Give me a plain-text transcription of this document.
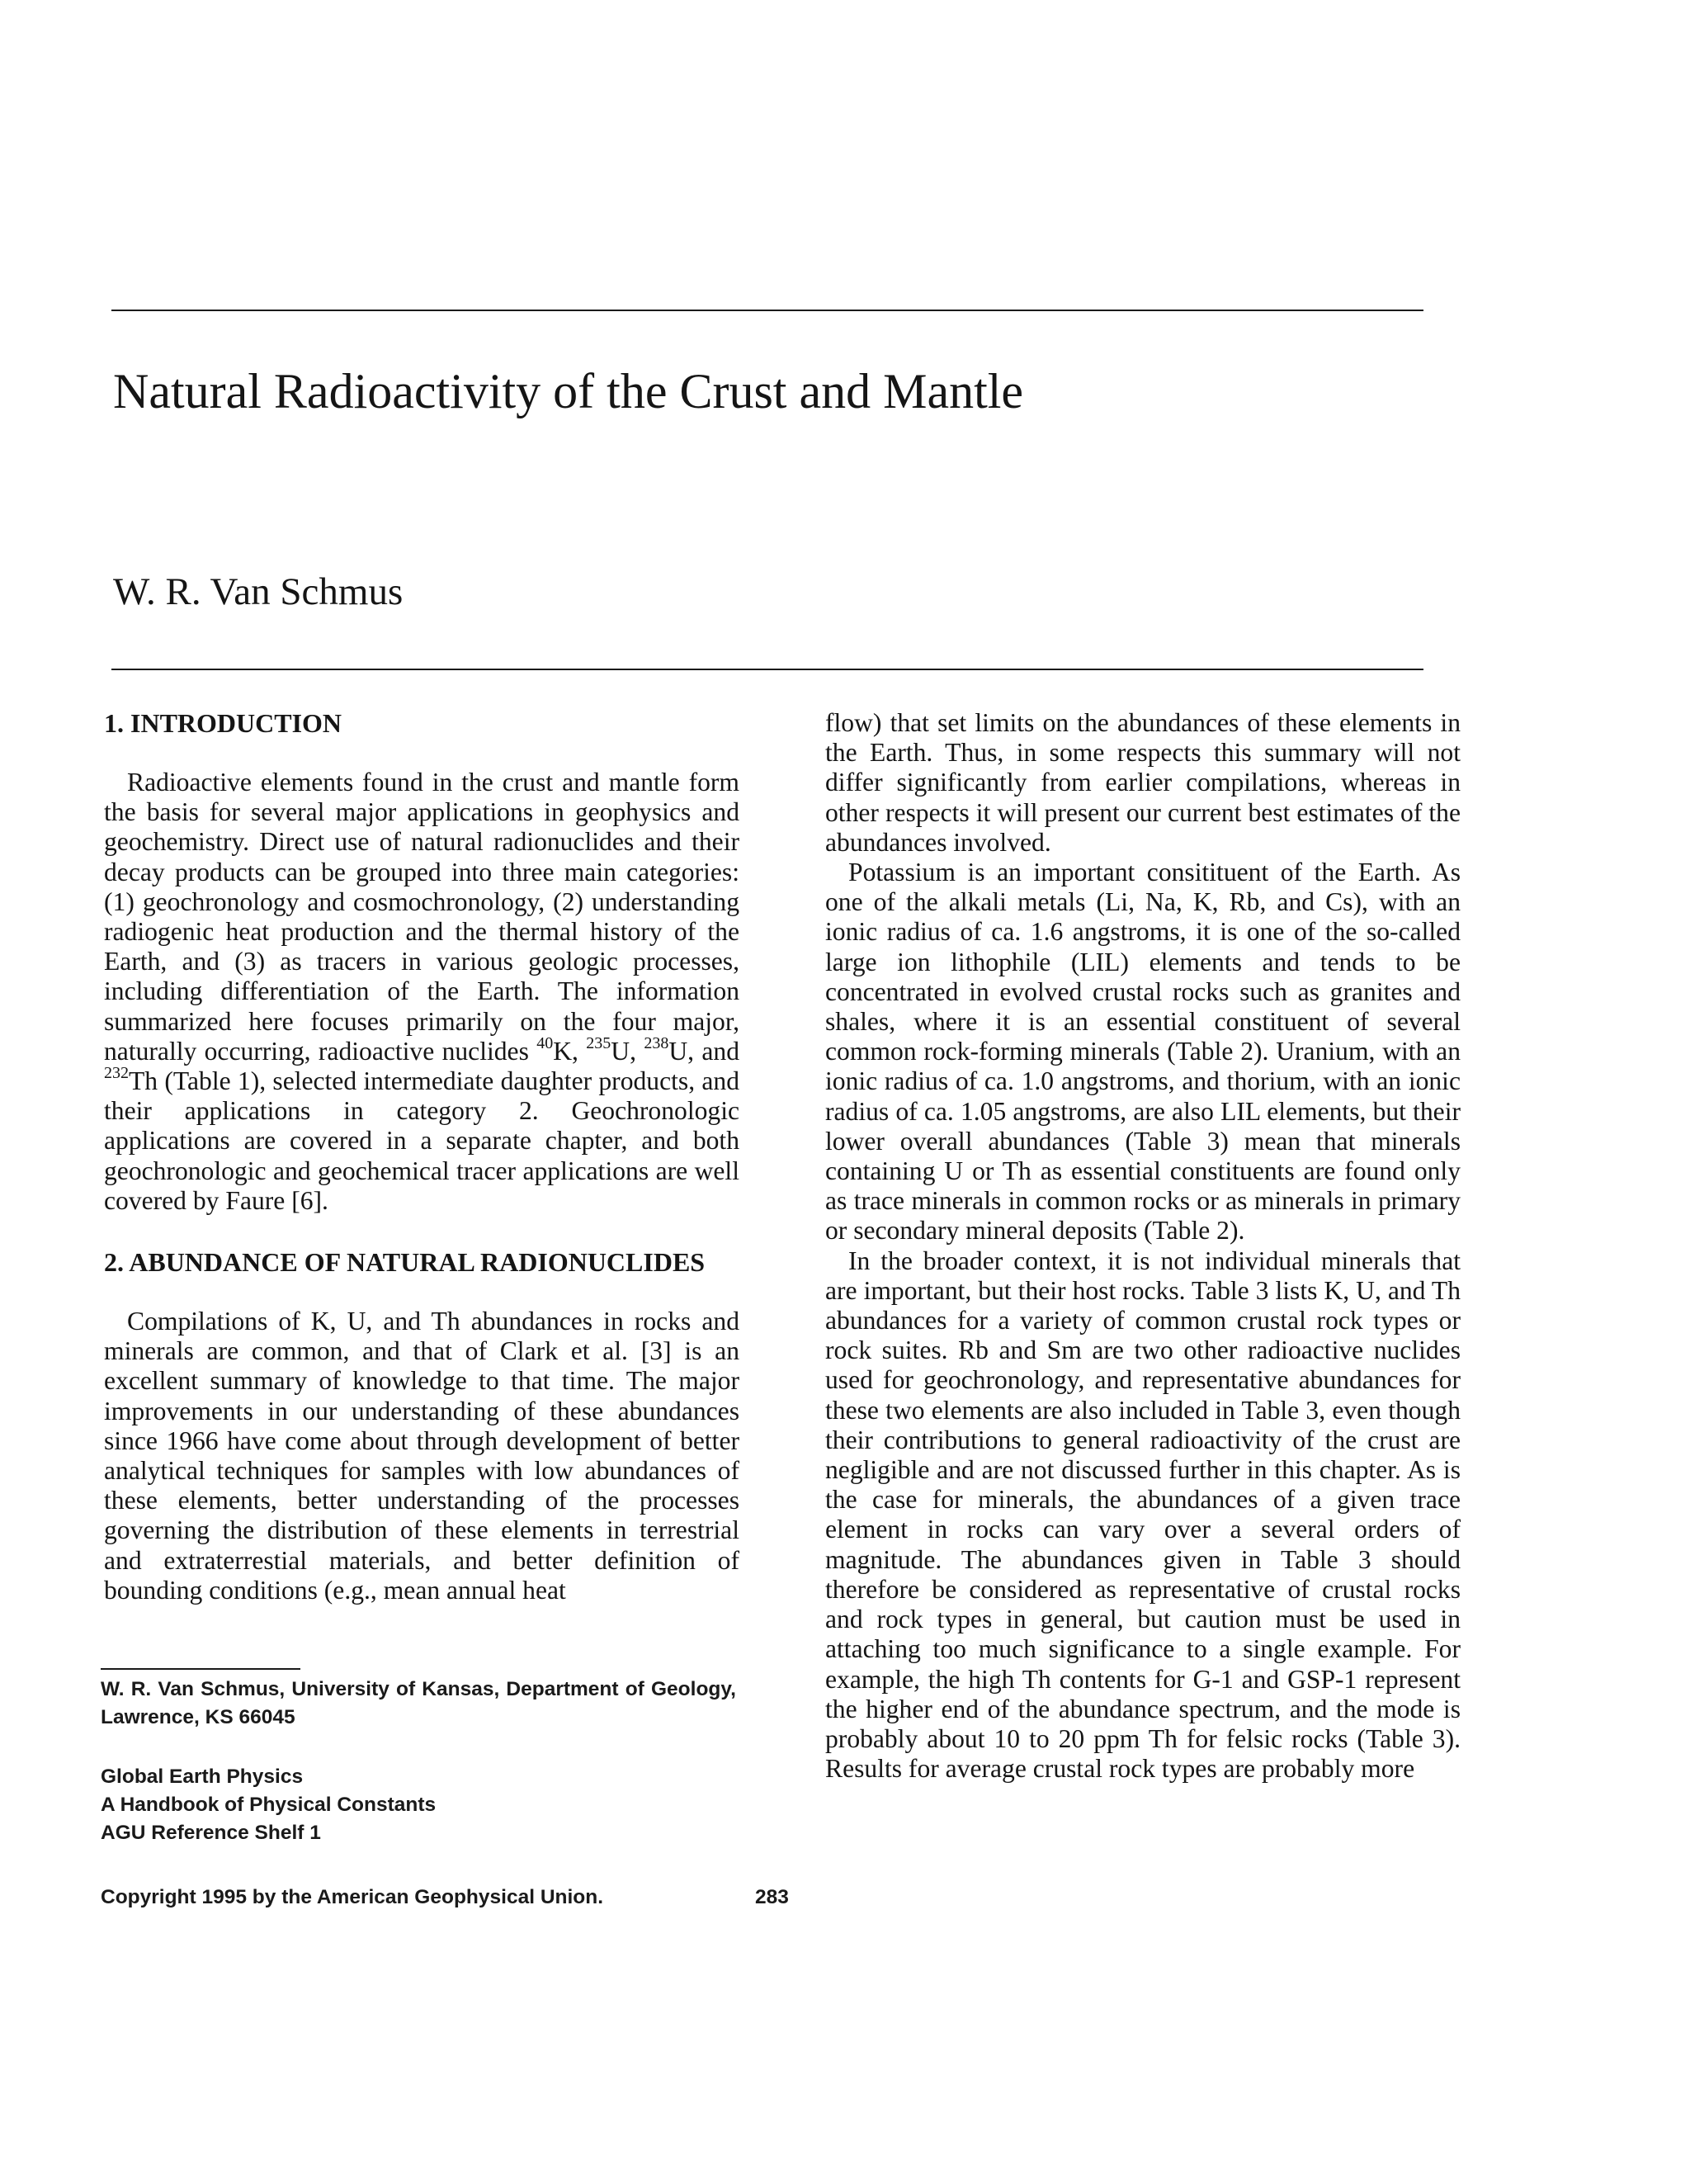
Natural Radioactivity of the Crust and Mantle

W. R. Van Schmus

1. INTRODUCTION

Radioactive elements found in the crust and mantle form the basis for several major applications in geophysics and geochemistry. Direct use of natural radionuclides and their decay products can be grouped into three main categories: (1) geochronology and cosmochronology, (2) understanding radiogenic heat production and the thermal history of the Earth, and (3) as tracers in various geologic processes, including differentiation of the Earth. The information summarized here focuses primarily on the four major, naturally occurring, radioactive nuclides $^{40}$K, $^{235}$U, $^{238}$U, and $^{232}$Th (Table 1), selected intermediate daughter products, and their applications in category 2. Geochronologic applications are covered in a separate chapter, and both geochronologic and geochemical tracer applications are well covered by Faure [6].

2. ABUNDANCE OF NATURAL RADIONUCLIDES

Compilations of K, U, and Th abundances in rocks and minerals are common, and that of Clark et al. [3] is an excellent summary of knowledge to that time. The major improvements in our understanding of these abundances since 1966 have come about through development of better analytical techniques for samples with low abundances of these elements, better understanding of the processes governing the distribution of these elements in terrestrial and extraterrestial materials, and better definition of bounding conditions (e.g., mean annual heat

flow) that set limits on the abundances of these elements in the Earth. Thus, in some respects this summary will not differ significantly from earlier compilations, whereas in other respects it will present our current best estimates of the abundances involved.

Potassium is an important consitituent of the Earth. As one of the alkali metals (Li, Na, K, Rb, and Cs), with an ionic radius of ca. 1.6 angstroms, it is one of the so-called large ion lithophile (LIL) elements and tends to be concentrated in evolved crustal rocks such as granites and shales, where it is an essential constituent of several common rock-forming minerals (Table 2). Uranium, with an ionic radius of ca. 1.0 angstroms, and thorium, with an ionic radius of ca. 1.05 angstroms, are also LIL elements, but their lower overall abundances (Table 3) mean that minerals containing U or Th as essential constituents are found only as trace minerals in common rocks or as minerals in primary or secondary mineral deposits (Table 2).

In the broader context, it is not individual minerals that are important, but their host rocks. Table 3 lists K, U, and Th abundances for a variety of common crustal rock types or rock suites. Rb and Sm are two other radioactive nuclides used for geochronology, and representative abundances for these two elements are also included in Table 3, even though their contributions to general radioactivity of the crust are negligible and are not discussed further in this chapter. As is the case for minerals, the abundances of a given trace element in rocks can vary over a several orders of magnitude. The abundances given in Table 3 should therefore be considered as representative of crustal rocks and rock types in general, but caution must be used in attaching too much significance to a single example. For example, the high Th contents for G-1 and GSP-1 represent the higher end of the abundance spectrum, and the mode is probably about 10 to 20 ppm Th for felsic rocks (Table 3). Results for average crustal rock types are probably more

W. R. Van Schmus, University of Kansas, Department of Geology, Lawrence, KS 66045
Global Earth Physics
A Handbook of Physical Constants
AGU Reference Shelf 1
Copyright 1995 by the American Geophysical Union.	283
